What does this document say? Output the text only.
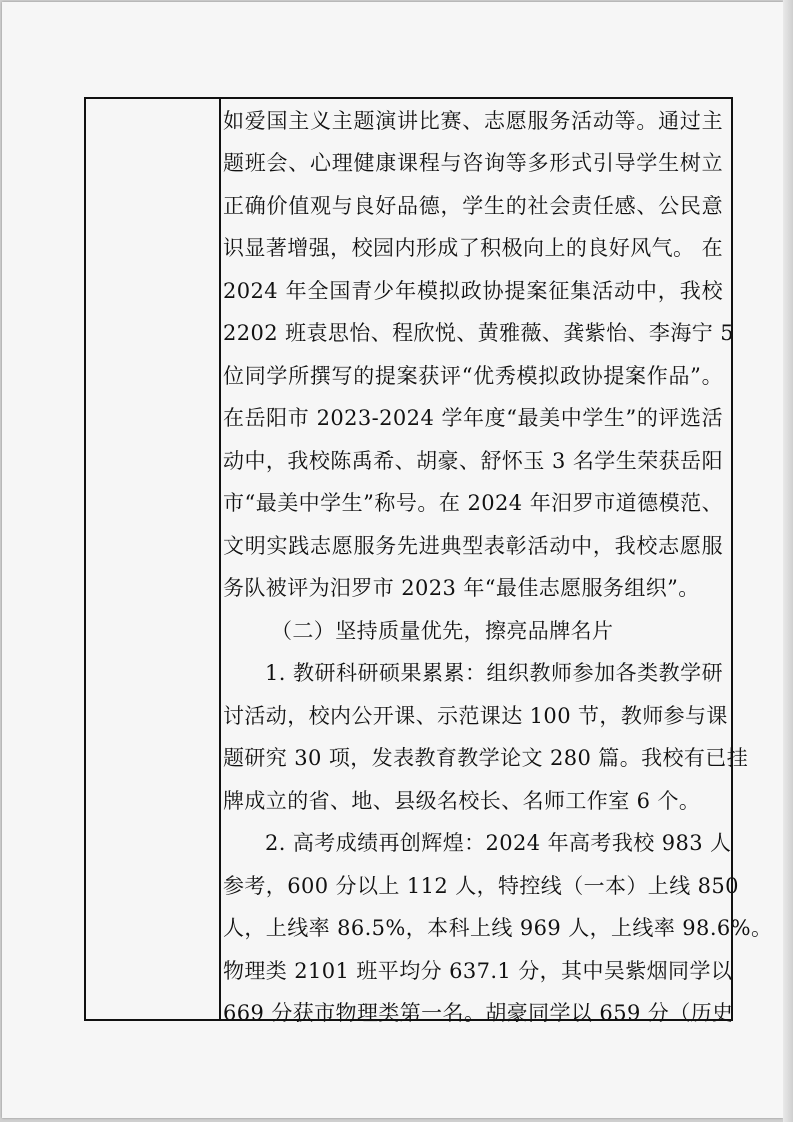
如爱国主义主题演讲比赛、志愿服务活动等。通过主
题班会、心理健康课程与咨询等多形式引导学生树立
正确价值观与良好品德，学生的社会责任感、公民意
识显著增强，校园内形成了积极向上的良好风气。 在
2024 年全国青少年模拟政协提案征集活动中，我校
2202 班袁思怡、程欣悦、黄雅薇、龚紫怡、李海宁 5
位同学所撰写的提案获评“优秀模拟政协提案作品”。
在岳阳市 2023-2024 学年度“最美中学生”的评选活
动中，我校陈禹希、胡豪、舒怀玉 3 名学生荣获岳阳
市“最美中学生”称号。在 2024 年汨罗市道德模范、
文明实践志愿服务先进典型表彰活动中，我校志愿服
务队被评为汨罗市 2023 年“最佳志愿服务组织”。
（二）坚持质量优先，擦亮品牌名片
1. 教研科研硕果累累：组织教师参加各类教学研
讨活动，校内公开课、示范课达 100 节，教师参与课
题研究 30 项，发表教育教学论文 280 篇。我校有已挂
牌成立的省、地、县级名校长、名师工作室 6 个。
2. 高考成绩再创辉煌：2024 年高考我校 983 人
参考，600 分以上 112 人，特控线（一本）上线 850
人，上线率 86.5%，本科上线 969 人，上线率 98.6%。
物理类 2101 班平均分 637.1 分，其中吴紫烟同学以
669 分获市物理类第一名。胡豪同学以 659 分（历史
